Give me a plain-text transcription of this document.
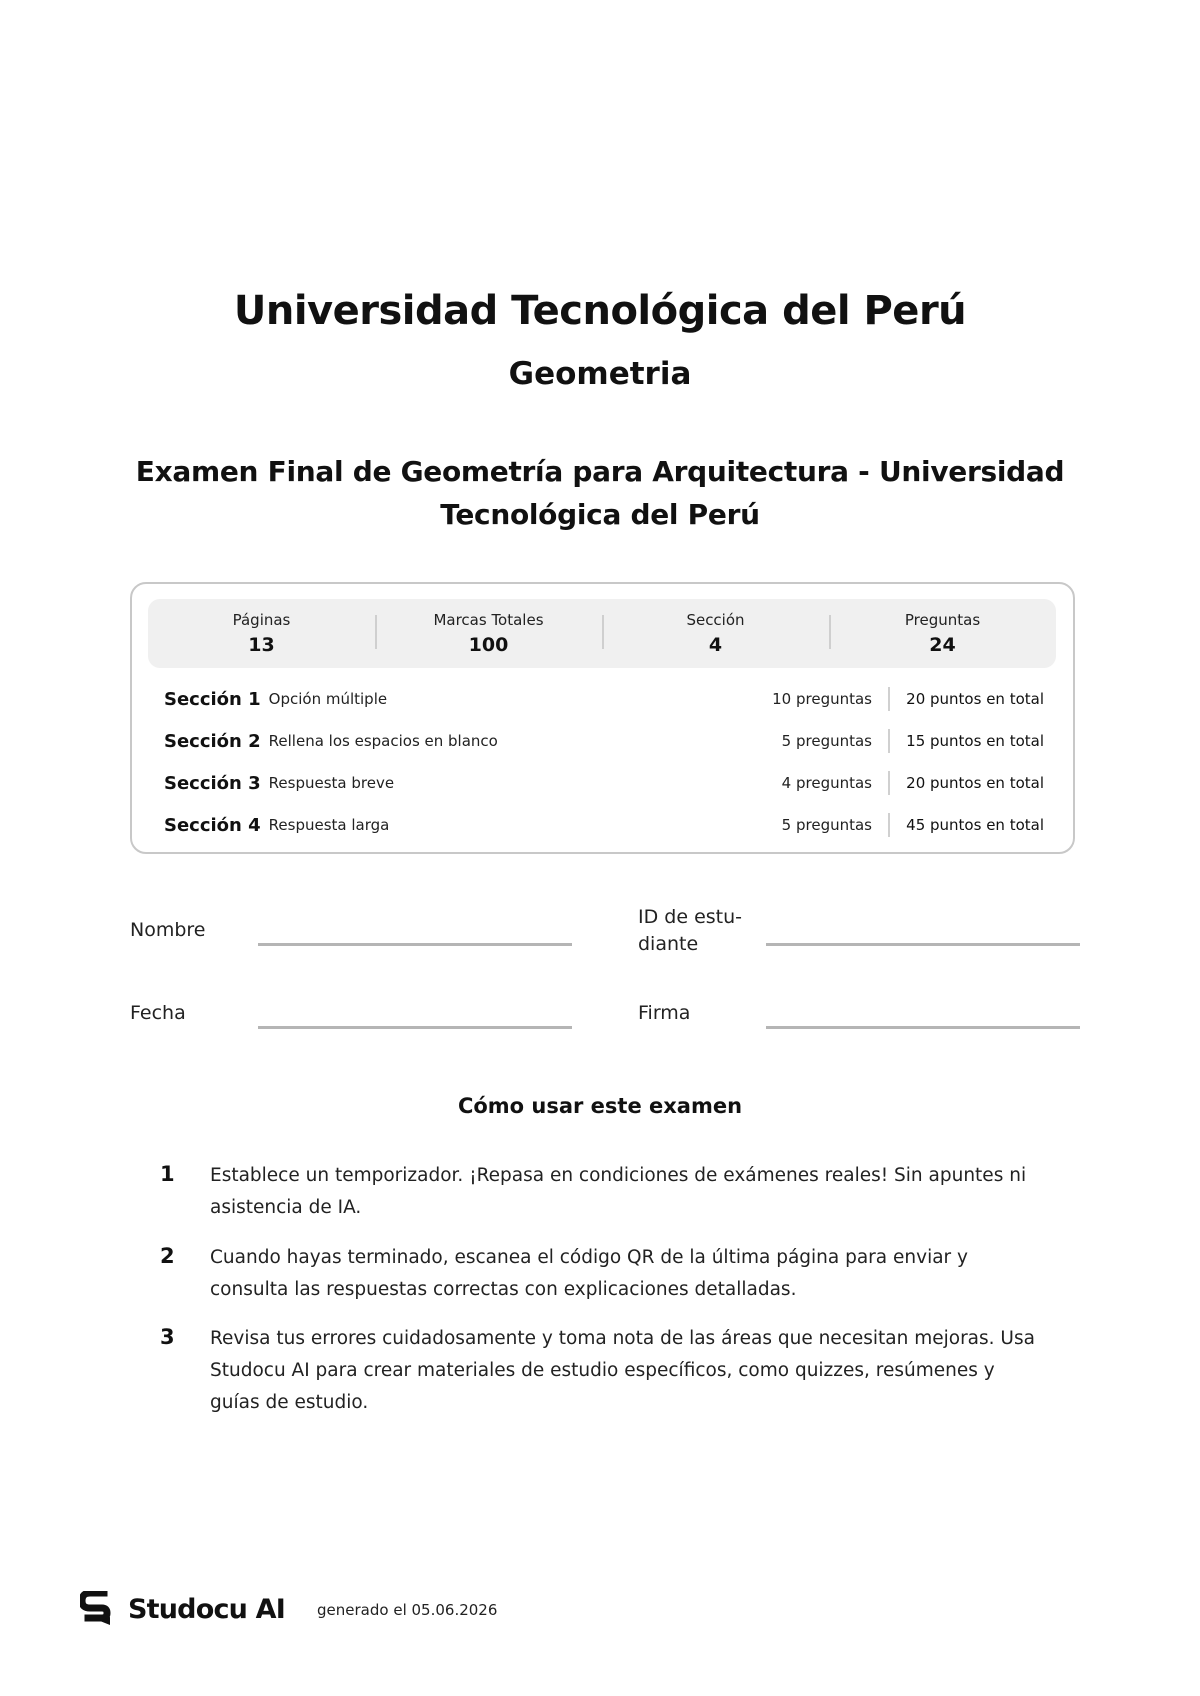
Universidad Tecnológica del Perú
Geometria
Examen Final de Geometría para Arquitectura - Universidad Tecnológica del Perú
Páginas
13
Marcas Totales
100
Sección
4
Preguntas
24
Sección 1 Opción múltiple	10 preguntas	20 puntos en total
Sección 2 Rellena los espacios en blanco	5 preguntas	15 puntos en total
Sección 3 Respuesta breve	4 preguntas	20 puntos en total
Sección 4 Respuesta larga	5 preguntas	45 puntos en total
Nombre
ID de estu-
diante
Fecha	Firma
Cómo usar este examen
1 Establece un temporizador. ¡Repasa en condiciones de exámenes reales! Sin apuntes ni asistencia de IA.
2 Cuando hayas terminado, escanea el código QR de la última página para enviar y consulta las respuestas correctas con explicaciones detalladas.
3 Revisa tus errores cuidadosamente y toma nota de las áreas que necesitan mejoras. Usa Studocu AI para crear materiales de estudio específicos, como quizzes, resúmenes y guías de estudio.
Studocu AI generado el 05.06.2026
